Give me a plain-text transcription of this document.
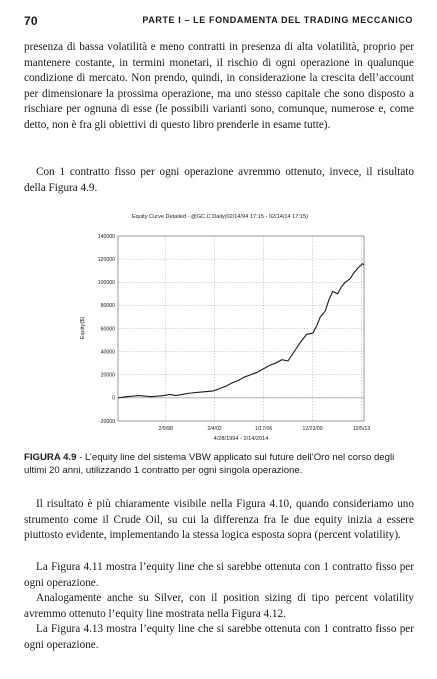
70	PARTE I – LE FONDAMENTA DEL TRADING MECCANICO

presenza di bassa volatilità e meno contratti in presenza di alta volatilità, proprio per mantenere costante, in termini monetari, il rischio di ogni operazione in qualunque condizione di mercato. Non prendo, quindi, in considerazione la crescita dell’account per dimensionare la prossima operazione, ma uno stesso capitale che sono disposto a rischiare per ognuna di esse (le possibili varianti sono, comunque, numerose e, come detto, non è fra gli obiettivi di questo libro prenderle in esame tutte).

Con 1 contratto fisso per ogni operazione avremmo ottenuto, invece, il risultato della Figura 4.9.

Equity Curve Detailed - @GC.C Daily(02/14/94 17:15 - 02/14/14 17:15)
-20000
0
20000
40000
60000
80000
100000
120000
140000
2/9/98	2/4/02	1/17/06	12/23/09	12/5/13
Equity($)
4/28/1994 - 2/14/2014

FIGURA 4.9 - L’equity line del sistema VBW applicato sul future dell’Oro nel corso degli ultimi 20 anni, utilizzando 1 contratto per ogni singola operazione.

Il risultato è più chiaramente visibile nella Figura 4.10, quando consideriamo uno strumento come il Crude Oil, su cui la differenza fra le due equity inizia a essere piuttosto evidente, implementando la stessa logica esposta sopra (percent volatility).

La Figura 4.11 mostra l’equity line che si sarebbe ottenuta con 1 contratto fisso per ogni operazione.

Analogamente anche su Silver, con il position sizing di tipo percent volatility avremmo ottenuto l’equity line mostrata nella Figura 4.12.

La Figura 4.13 mostra l’equity line che si sarebbe ottenuta con 1 contratto fisso per ogni operazione.
